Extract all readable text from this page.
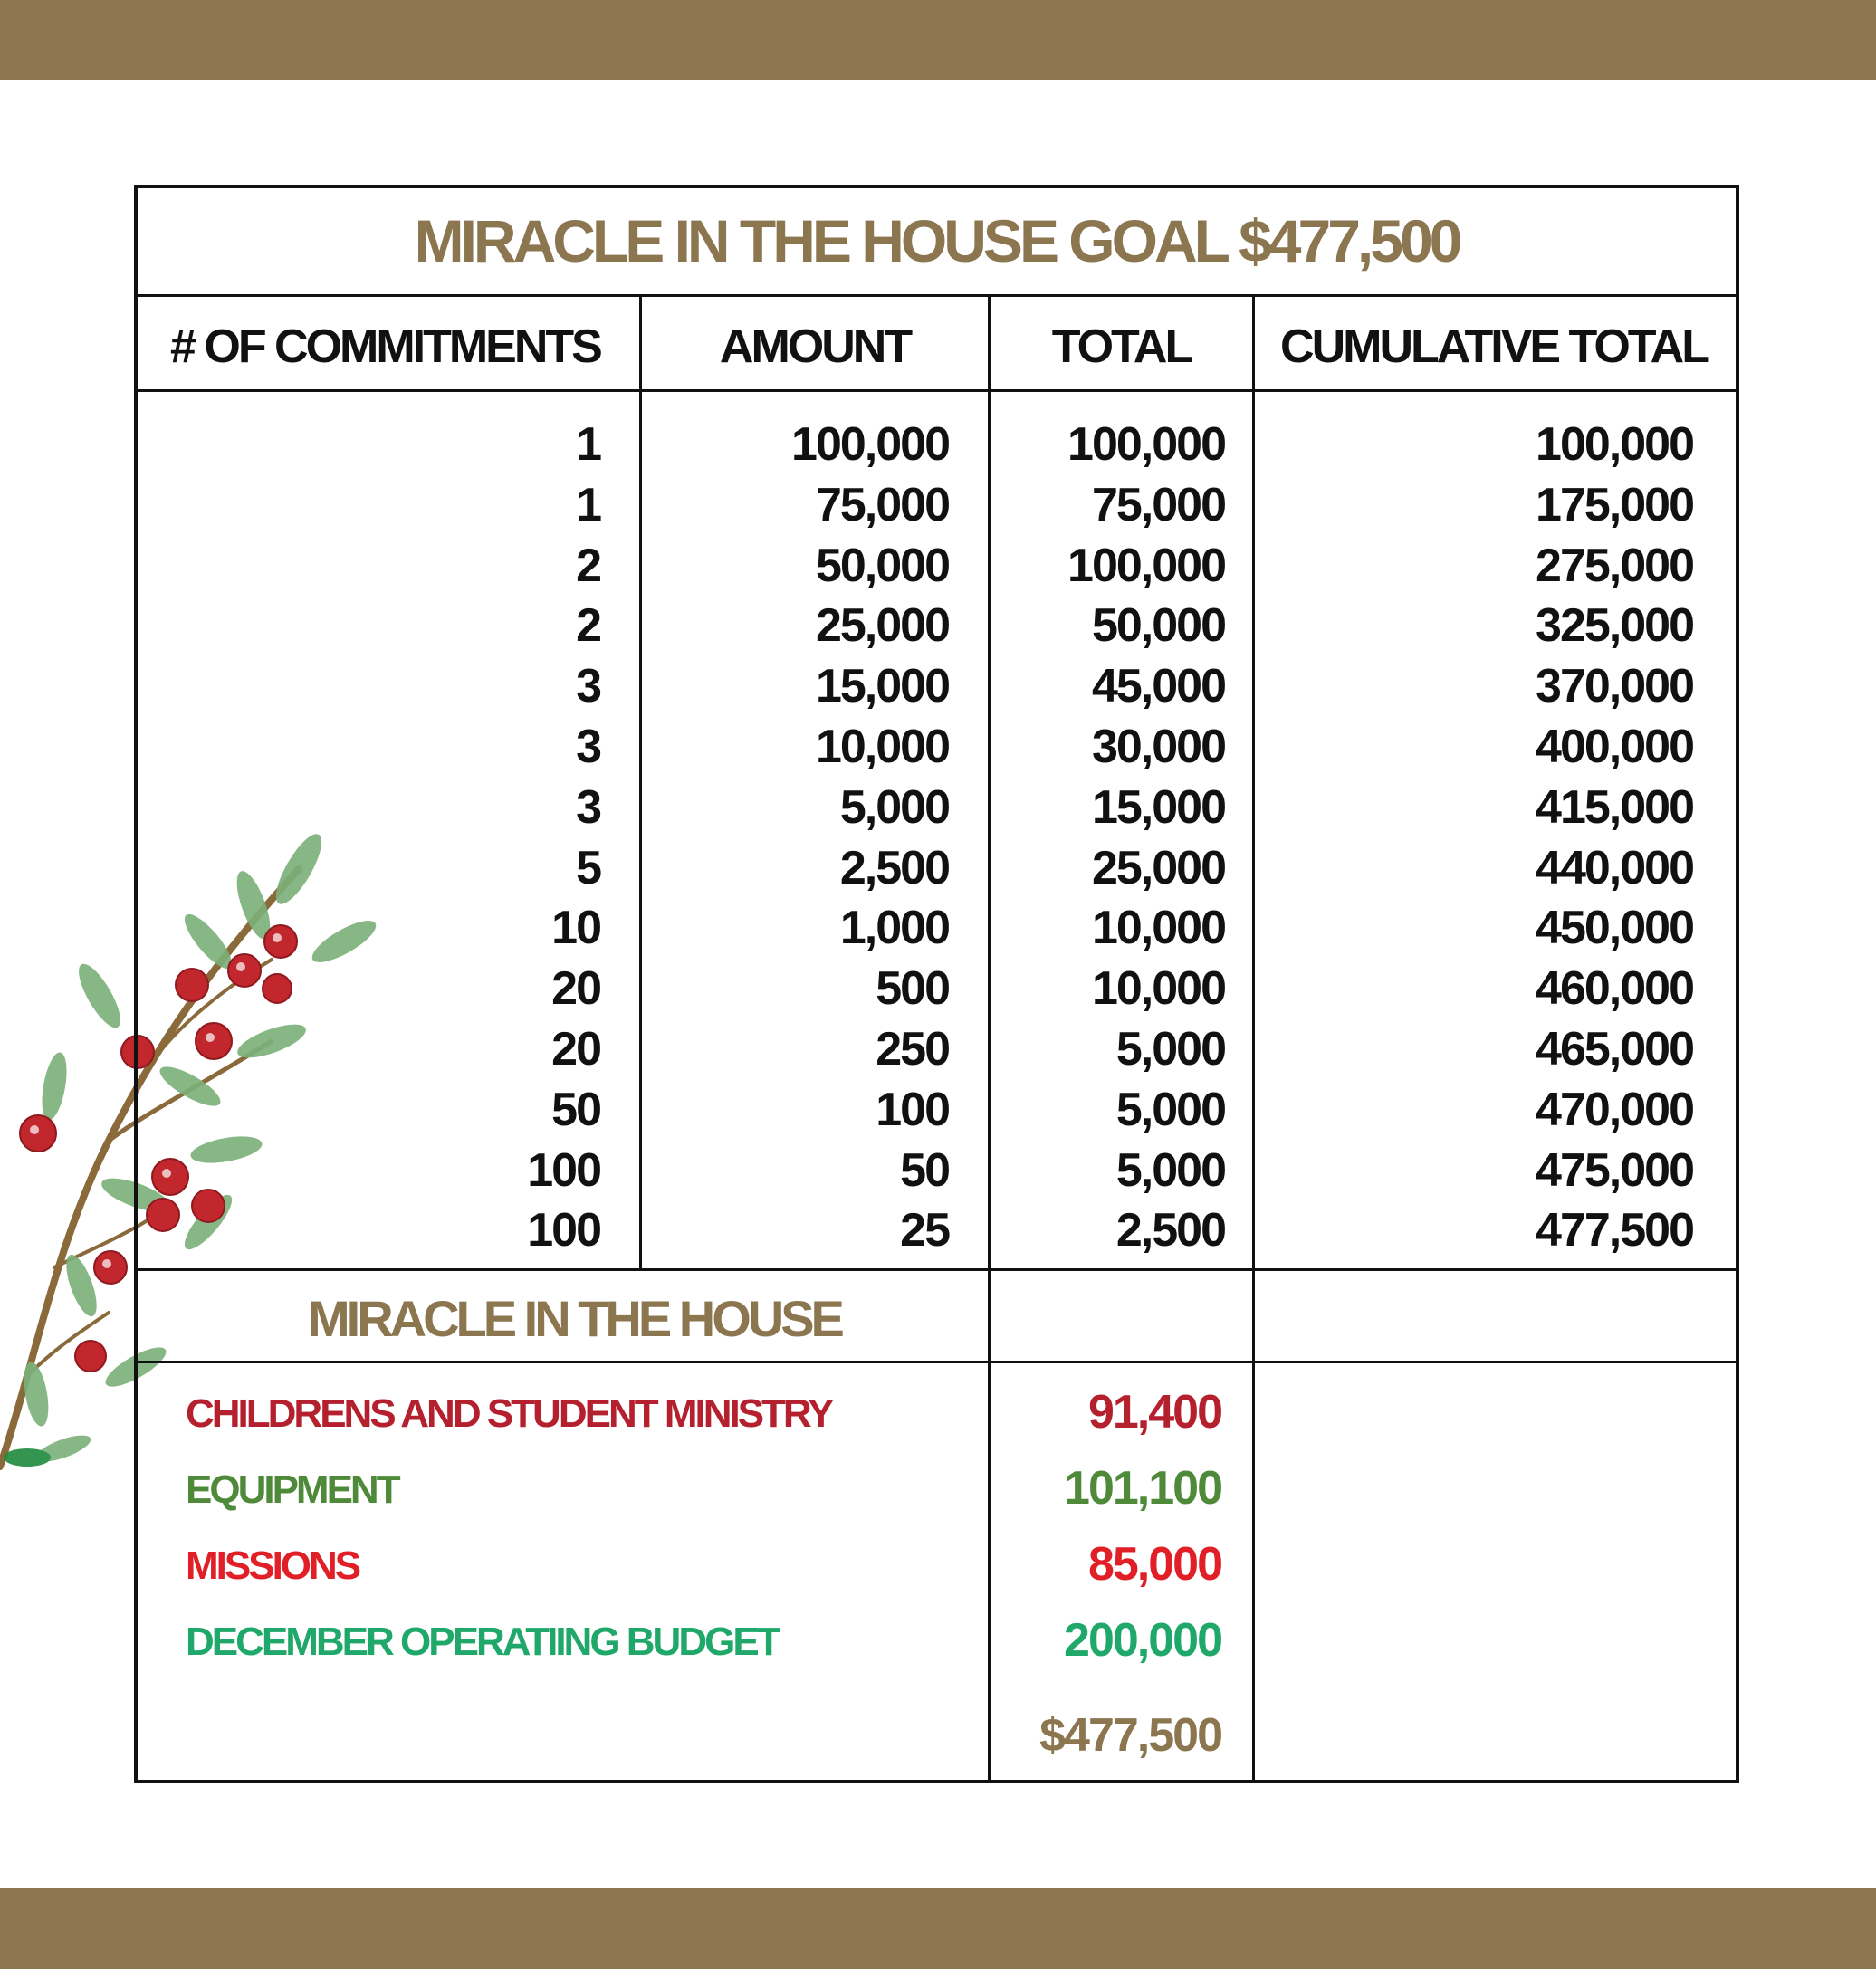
MIRACLE IN THE HOUSE GOAL $477,500
# OF COMMITMENTS	AMOUNT	TOTAL	CUMULATIVE TOTAL
1	100,000	100,000	100,000
1	75,000	75,000	175,000
2	50,000	100,000	275,000
2	25,000	50,000	325,000
3	15,000	45,000	370,000
3	10,000	30,000	400,000
3	5,000	15,000	415,000
5	2,500	25,000	440,000
10	1,000	10,000	450,000
20	500	10,000	460,000
20	250	5,000	465,000
50	100	5,000	470,000
100	50	5,000	475,000
100	25	2,500	477,500
MIRACLE IN THE HOUSE
CHILDRENS AND STUDENT MINISTRY	91,400
EQUIPMENT	101,100
MISSIONS	85,000
DECEMBER OPERATIING BUDGET	200,000
$477,500
